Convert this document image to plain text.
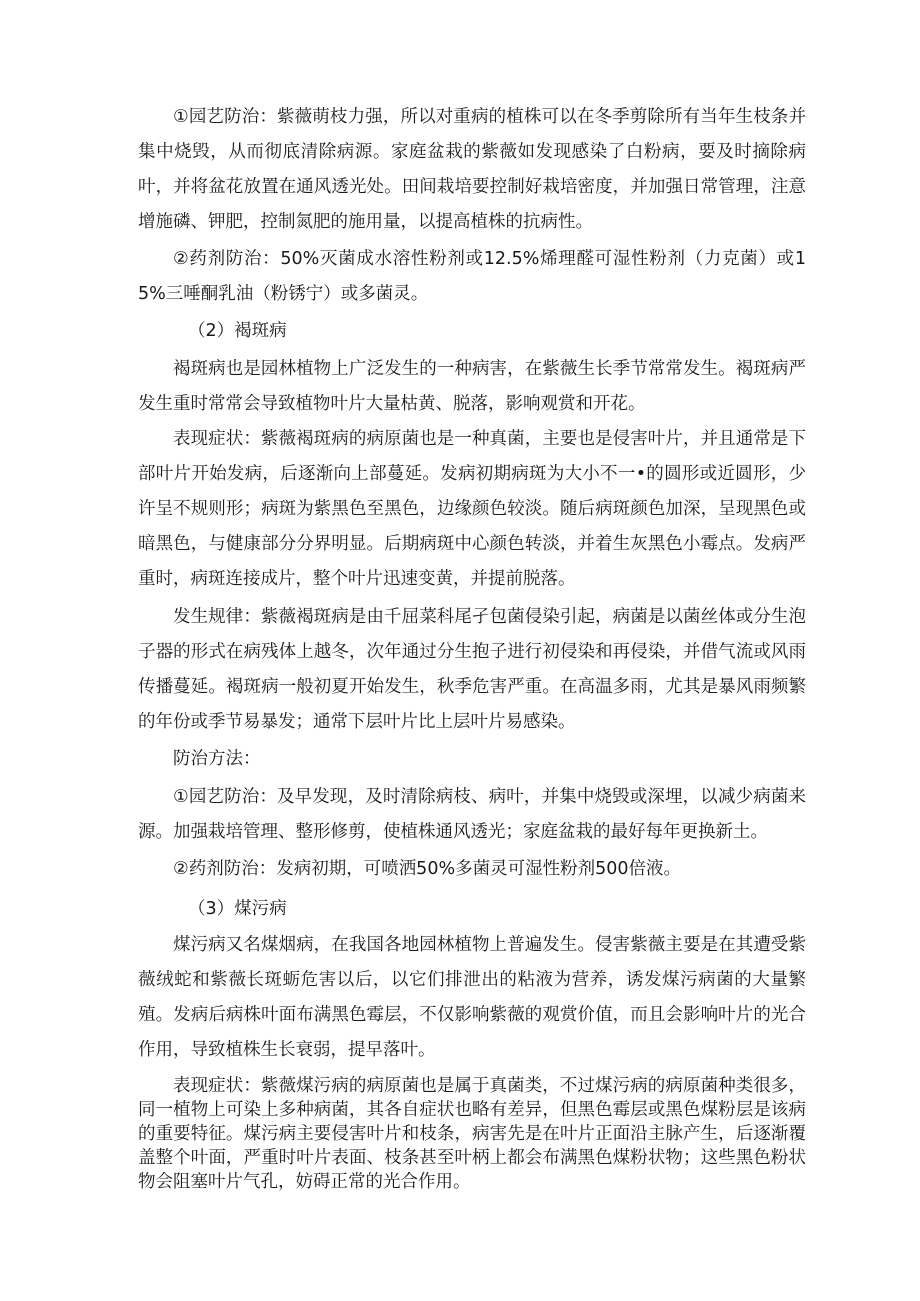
①园艺防治：紫薇萌枝力强，所以对重病的植株可以在冬季剪除所有当年生枝条并集中烧毁，从而彻底清除病源。家庭盆栽的紫薇如发现感染了白粉病，要及时摘除病叶，并将盆花放置在通风透光处。田间栽培要控制好栽培密度，并加强日常管理，注意增施磷、钾肥，控制氮肥的施用量，以提高植株的抗病性。

②药剂防治：50%灭菌成水溶性粉剂或12.5%烯理醛可湿性粉剂（力克菌）或15%三唾酮乳油（粉锈宁）或多菌灵。

（2）褐斑病

褐斑病也是园林植物上广泛发生的一种病害，在紫薇生长季节常常发生。褐斑病严发生重时常常会导致植物叶片大量枯黄、脱落，影响观赏和开花。

表现症状：紫薇褐斑病的病原菌也是一种真菌，主要也是侵害叶片，并且通常是下部叶片开始发病，后逐渐向上部蔓延。发病初期病斑为大小不一•的圆形或近圆形，少许呈不规则形；病斑为紫黑色至黑色，边缘颜色较淡。随后病斑颜色加深，呈现黑色或暗黑色，与健康部分分界明显。后期病斑中心颜色转淡，并着生灰黑色小霉点。发病严重时，病斑连接成片，整个叶片迅速变黄，并提前脱落。

发生规律：紫薇褐斑病是由千屈菜科尾孑包菌侵染引起，病菌是以菌丝体或分生泡子器的形式在病残体上越冬，次年通过分生抱子进行初侵染和再侵染，并借气流或风雨传播蔓延。褐斑病一般初夏开始发生，秋季危害严重。在高温多雨，尤其是暴风雨频繁的年份或季节易暴发；通常下层叶片比上层叶片易感染。

防治方法：

①园艺防治：及早发现，及时清除病枝、病叶，并集中烧毁或深埋，以减少病菌来源。加强栽培管理、整形修剪，使植株通风透光；家庭盆栽的最好每年更换新土。

②药剂防治：发病初期，可喷洒50%多菌灵可湿性粉剂500倍液。

（3）煤污病

煤污病又名煤烟病，在我国各地园林植物上普遍发生。侵害紫薇主要是在其遭受紫薇绒蛇和紫薇长斑蛎危害以后，以它们排泄出的粘液为营养，诱发煤污病菌的大量繁殖。发病后病株叶面布满黑色霉层，不仅影响紫薇的观赏价值，而且会影响叶片的光合作用，导致植株生长衰弱，提早落叶。

表现症状：紫薇煤污病的病原菌也是属于真菌类，不过煤污病的病原菌种类很多，同一植物上可染上多种病菌，其各自症状也略有差异，但黑色霉层或黑色煤粉层是该病的重要特征。煤污病主要侵害叶片和枝条，病害先是在叶片正面沿主脉产生，后逐渐覆盖整个叶面，严重时叶片表面、枝条甚至叶柄上都会布满黑色煤粉状物；这些黑色粉状物会阻塞叶片气孔，妨碍正常的光合作用。
